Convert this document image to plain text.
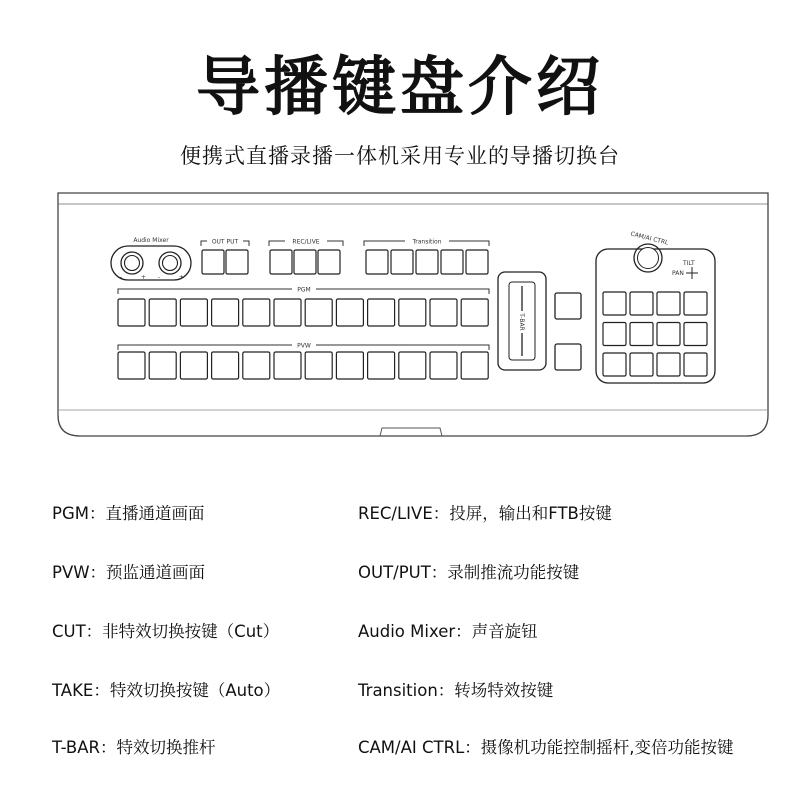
导播键盘介绍
便携式直播录播一体机采用专业的导播切换台
Audio Mixer
-	+ -	+
OUT PUT	REC/LIVE	Transition
PGM
PVW
T-BAR
CAM/AI CTRL
TILT
PAN
PGM：直播通道画面
PVW：预监通道画面
CUT：非特效切换按键（Cut）
TAKE：特效切换按键（Auto）
T-BAR：特效切换推杆
REC/LIVE：投屏，输出和FTB按键
OUT/PUT：录制推流功能按键
Audio Mixer：声音旋钮
Transition：转场特效按键
CAM/AI CTRL：摄像机功能控制摇杆,变倍功能按键
